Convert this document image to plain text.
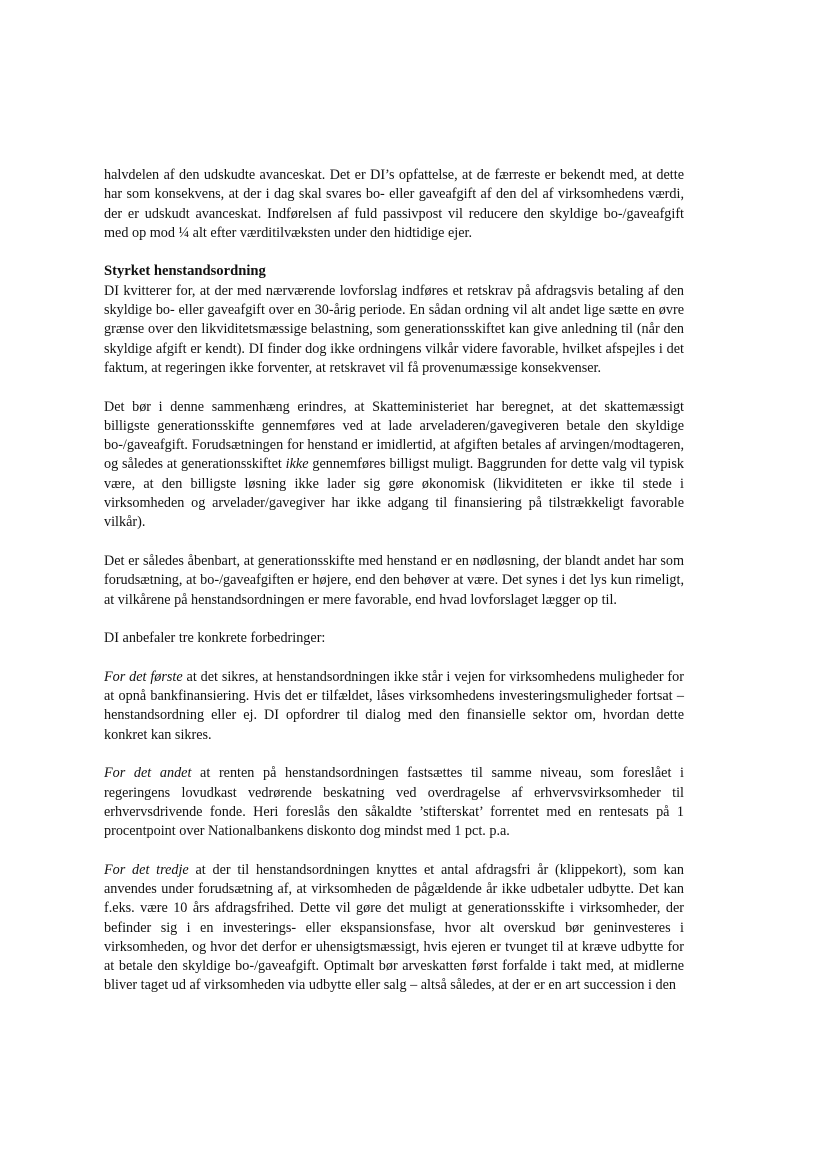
halvdelen af den udskudte avanceskat. Det er DI’s opfattelse, at de færreste er bekendt med, at dette har som konsekvens, at der i dag skal svares bo- eller gaveafgift af den del af virksomhedens værdi, der er udskudt avanceskat. Indførelsen af fuld passivpost vil reducere den skyldige bo-/gaveafgift med op mod ¼ alt efter værditilvæksten under den hidtidige ejer.

Styrket henstandsordning

DI kvitterer for, at der med nærværende lovforslag indføres et retskrav på afdragsvis betaling af den skyldige bo- eller gaveafgift over en 30-årig periode. En sådan ordning vil alt andet lige sætte en øvre grænse over den likviditetsmæssige belastning, som generationsskiftet kan give anledning til (når den skyldige afgift er kendt). DI finder dog ikke ordningens vilkår videre favorable, hvilket afspejles i det faktum, at regeringen ikke forventer, at retskravet vil få provenumæssige konsekvenser.

Det bør i denne sammenhæng erindres, at Skatteministeriet har beregnet, at det skattemæssigt billigste generationsskifte gennemføres ved at lade arveladeren/gavegiveren betale den skyldige bo-/gaveafgift. Forudsætningen for henstand er imidlertid, at afgiften betales af arvingen/modtageren, og således at generationsskiftet ikke gennemføres billigst muligt. Baggrunden for dette valg vil typisk være, at den billigste løsning ikke lader sig gøre økonomisk (likviditeten er ikke til stede i virksomheden og arvelader/gavegiver har ikke adgang til finansiering på tilstrækkeligt favorable vilkår).

Det er således åbenbart, at generationsskifte med henstand er en nødløsning, der blandt andet har som forudsætning, at bo-/gaveafgiften er højere, end den behøver at være. Det synes i det lys kun rimeligt, at vilkårene på henstandsordningen er mere favorable, end hvad lovforslaget lægger op til.

DI anbefaler tre konkrete forbedringer:

For det første at det sikres, at henstandsordningen ikke står i vejen for virksomhedens muligheder for at opnå bankfinansiering. Hvis det er tilfældet, låses virksomhedens investeringsmuligheder fortsat – henstandsordning eller ej. DI opfordrer til dialog med den finansielle sektor om, hvordan dette konkret kan sikres.

For det andet at renten på henstandsordningen fastsættes til samme niveau, som foreslået i regeringens lovudkast vedrørende beskatning ved overdragelse af erhvervsvirksomheder til erhvervsdrivende fonde. Heri foreslås den såkaldte ’stifterskat’ forrentet med en rentesats på 1 procentpoint over Nationalbankens diskonto dog mindst med 1 pct. p.a.

For det tredje at der til henstandsordningen knyttes et antal afdragsfri år (klippekort), som kan anvendes under forudsætning af, at virksomheden de pågældende år ikke udbetaler udbytte. Det kan f.eks. være 10 års afdragsfrihed. Dette vil gøre det muligt at generationsskifte i virksomheder, der befinder sig i en investerings- eller ekspansionsfase, hvor alt overskud bør geninvesteres i virksomheden, og hvor det derfor er uhensigtsmæssigt, hvis ejeren er tvunget til at kræve udbytte for at betale den skyldige bo-/gaveafgift. Optimalt bør arveskatten først forfalde i takt med, at midlerne bliver taget ud af virksomheden via udbytte eller salg – altså således, at der er en art succession i den
